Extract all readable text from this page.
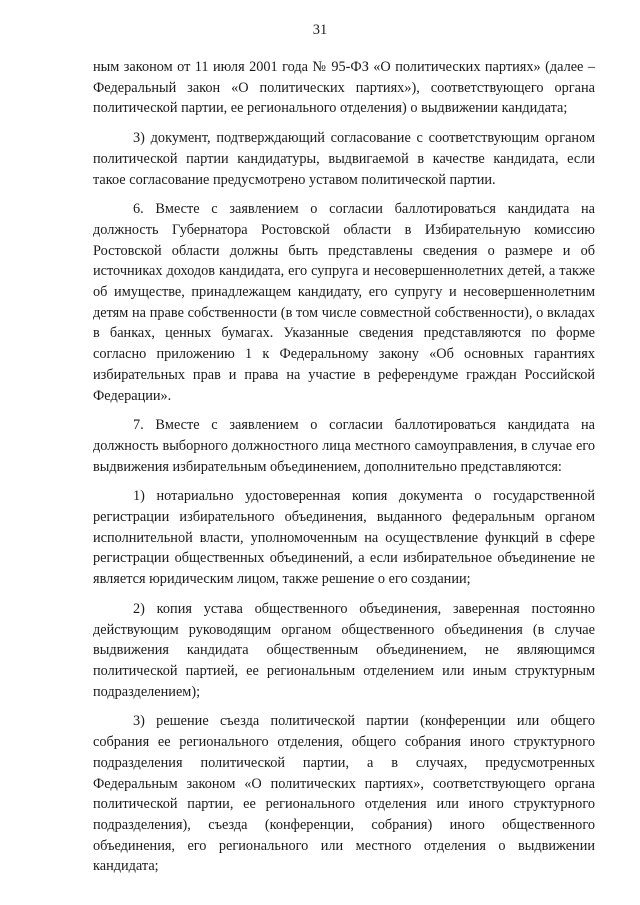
31

ным законом от 11 июля 2001 года № 95-ФЗ «О политических партиях» (далее – Федеральный закон «О политических партиях»), соответствующего органа политической партии, ее регионального отделения) о выдвижении кандидата;

3) документ, подтверждающий согласование с соответствующим органом политической партии кандидатуры, выдвигаемой в качестве кандидата, если такое согласование предусмотрено уставом политической партии.

6. Вместе с заявлением о согласии баллотироваться кандидата на должность Губернатора Ростовской области в Избирательную комиссию Ростовской области должны быть представлены сведения о размере и об источниках доходов кандидата, его супруга и несовершеннолетних детей, а также об имуществе, принадлежащем кандидату, его супругу и несовершеннолетним детям на праве собственности (в том числе совместной собственности), о вкладах в банках, ценных бумагах. Указанные сведения представляются по форме согласно приложению 1 к Федеральному закону «Об основных гарантиях избирательных прав и права на участие в референдуме граждан Российской Федерации».

7. Вместе с заявлением о согласии баллотироваться кандидата на должность выборного должностного лица местного самоуправления, в случае его выдвижения избирательным объединением, дополнительно представляются:

1) нотариально удостоверенная копия документа о государственной регистрации избирательного объединения, выданного федеральным органом исполнительной власти, уполномоченным на осуществление функций в сфере регистрации общественных объединений, а если избирательное объединение не является юридическим лицом, также решение о его создании;

2) копия устава общественного объединения, заверенная постоянно действующим руководящим органом общественного объединения (в случае выдвижения кандидата общественным объединением, не являющимся политической партией, ее региональным отделением или иным структурным подразделением);

3) решение съезда политической партии (конференции или общего собрания ее регионального отделения, общего собрания иного структурного подразделения политической партии, а в случаях, предусмотренных Федеральным законом «О политических партиях», соответствующего органа политической партии, ее регионального отделения или иного структурного подразделения), съезда (конференции, собрания) иного общественного объединения, его регионального или местного отделения о выдвижении кандидата;
